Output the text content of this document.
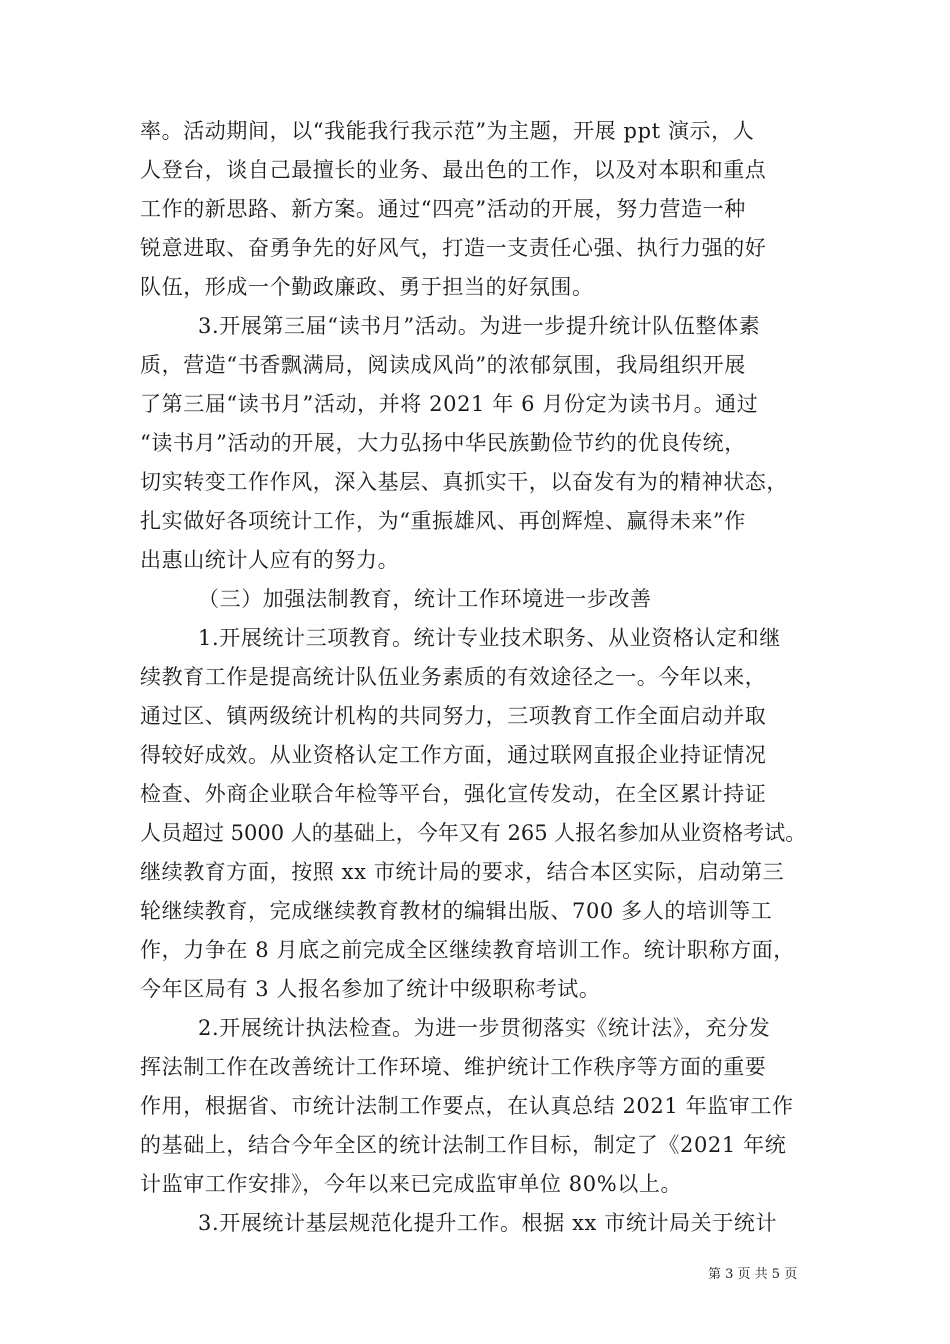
率。活动期间，以“我能我行我示范”为主题，开展 ppt 演示，人
人登台，谈自己最擅长的业务、最出色的工作，以及对本职和重点
工作的新思路、新方案。通过“四亮”活动的开展，努力营造一种
锐意进取、奋勇争先的好风气，打造一支责任心强、执行力强的好
队伍，形成一个勤政廉政、勇于担当的好氛围。
3.开展第三届“读书月”活动。为进一步提升统计队伍整体素
质，营造“书香飘满局，阅读成风尚”的浓郁氛围，我局组织开展
了第三届“读书月”活动，并将 2021 年 6 月份定为读书月。通过
“读书月”活动的开展，大力弘扬中华民族勤俭节约的优良传统，
切实转变工作作风，深入基层、真抓实干，以奋发有为的精神状态，
扎实做好各项统计工作，为“重振雄风、再创辉煌、赢得未来”作
出惠山统计人应有的努力。
（三）加强法制教育，统计工作环境进一步改善
1.开展统计三项教育。统计专业技术职务、从业资格认定和继
续教育工作是提高统计队伍业务素质的有效途径之一。今年以来，
通过区、镇两级统计机构的共同努力，三项教育工作全面启动并取
得较好成效。从业资格认定工作方面，通过联网直报企业持证情况
检查、外商企业联合年检等平台，强化宣传发动，在全区累计持证
人员超过 5000 人的基础上，今年又有 265 人报名参加从业资格考试。
继续教育方面，按照 xx 市统计局的要求，结合本区实际，启动第三
轮继续教育，完成继续教育教材的编辑出版、700 多人的培训等工
作，力争在 8 月底之前完成全区继续教育培训工作。统计职称方面，
今年区局有 3 人报名参加了统计中级职称考试。
2.开展统计执法检查。为进一步贯彻落实《统计法》，充分发
挥法制工作在改善统计工作环境、维护统计工作秩序等方面的重要
作用，根据省、市统计法制工作要点，在认真总结 2021 年监审工作
的基础上，结合今年全区的统计法制工作目标，制定了《2021 年统
计监审工作安排》，今年以来已完成监审单位 80%以上。
3.开展统计基层规范化提升工作。根据 xx 市统计局关于统计
第 3 页 共 5 页
